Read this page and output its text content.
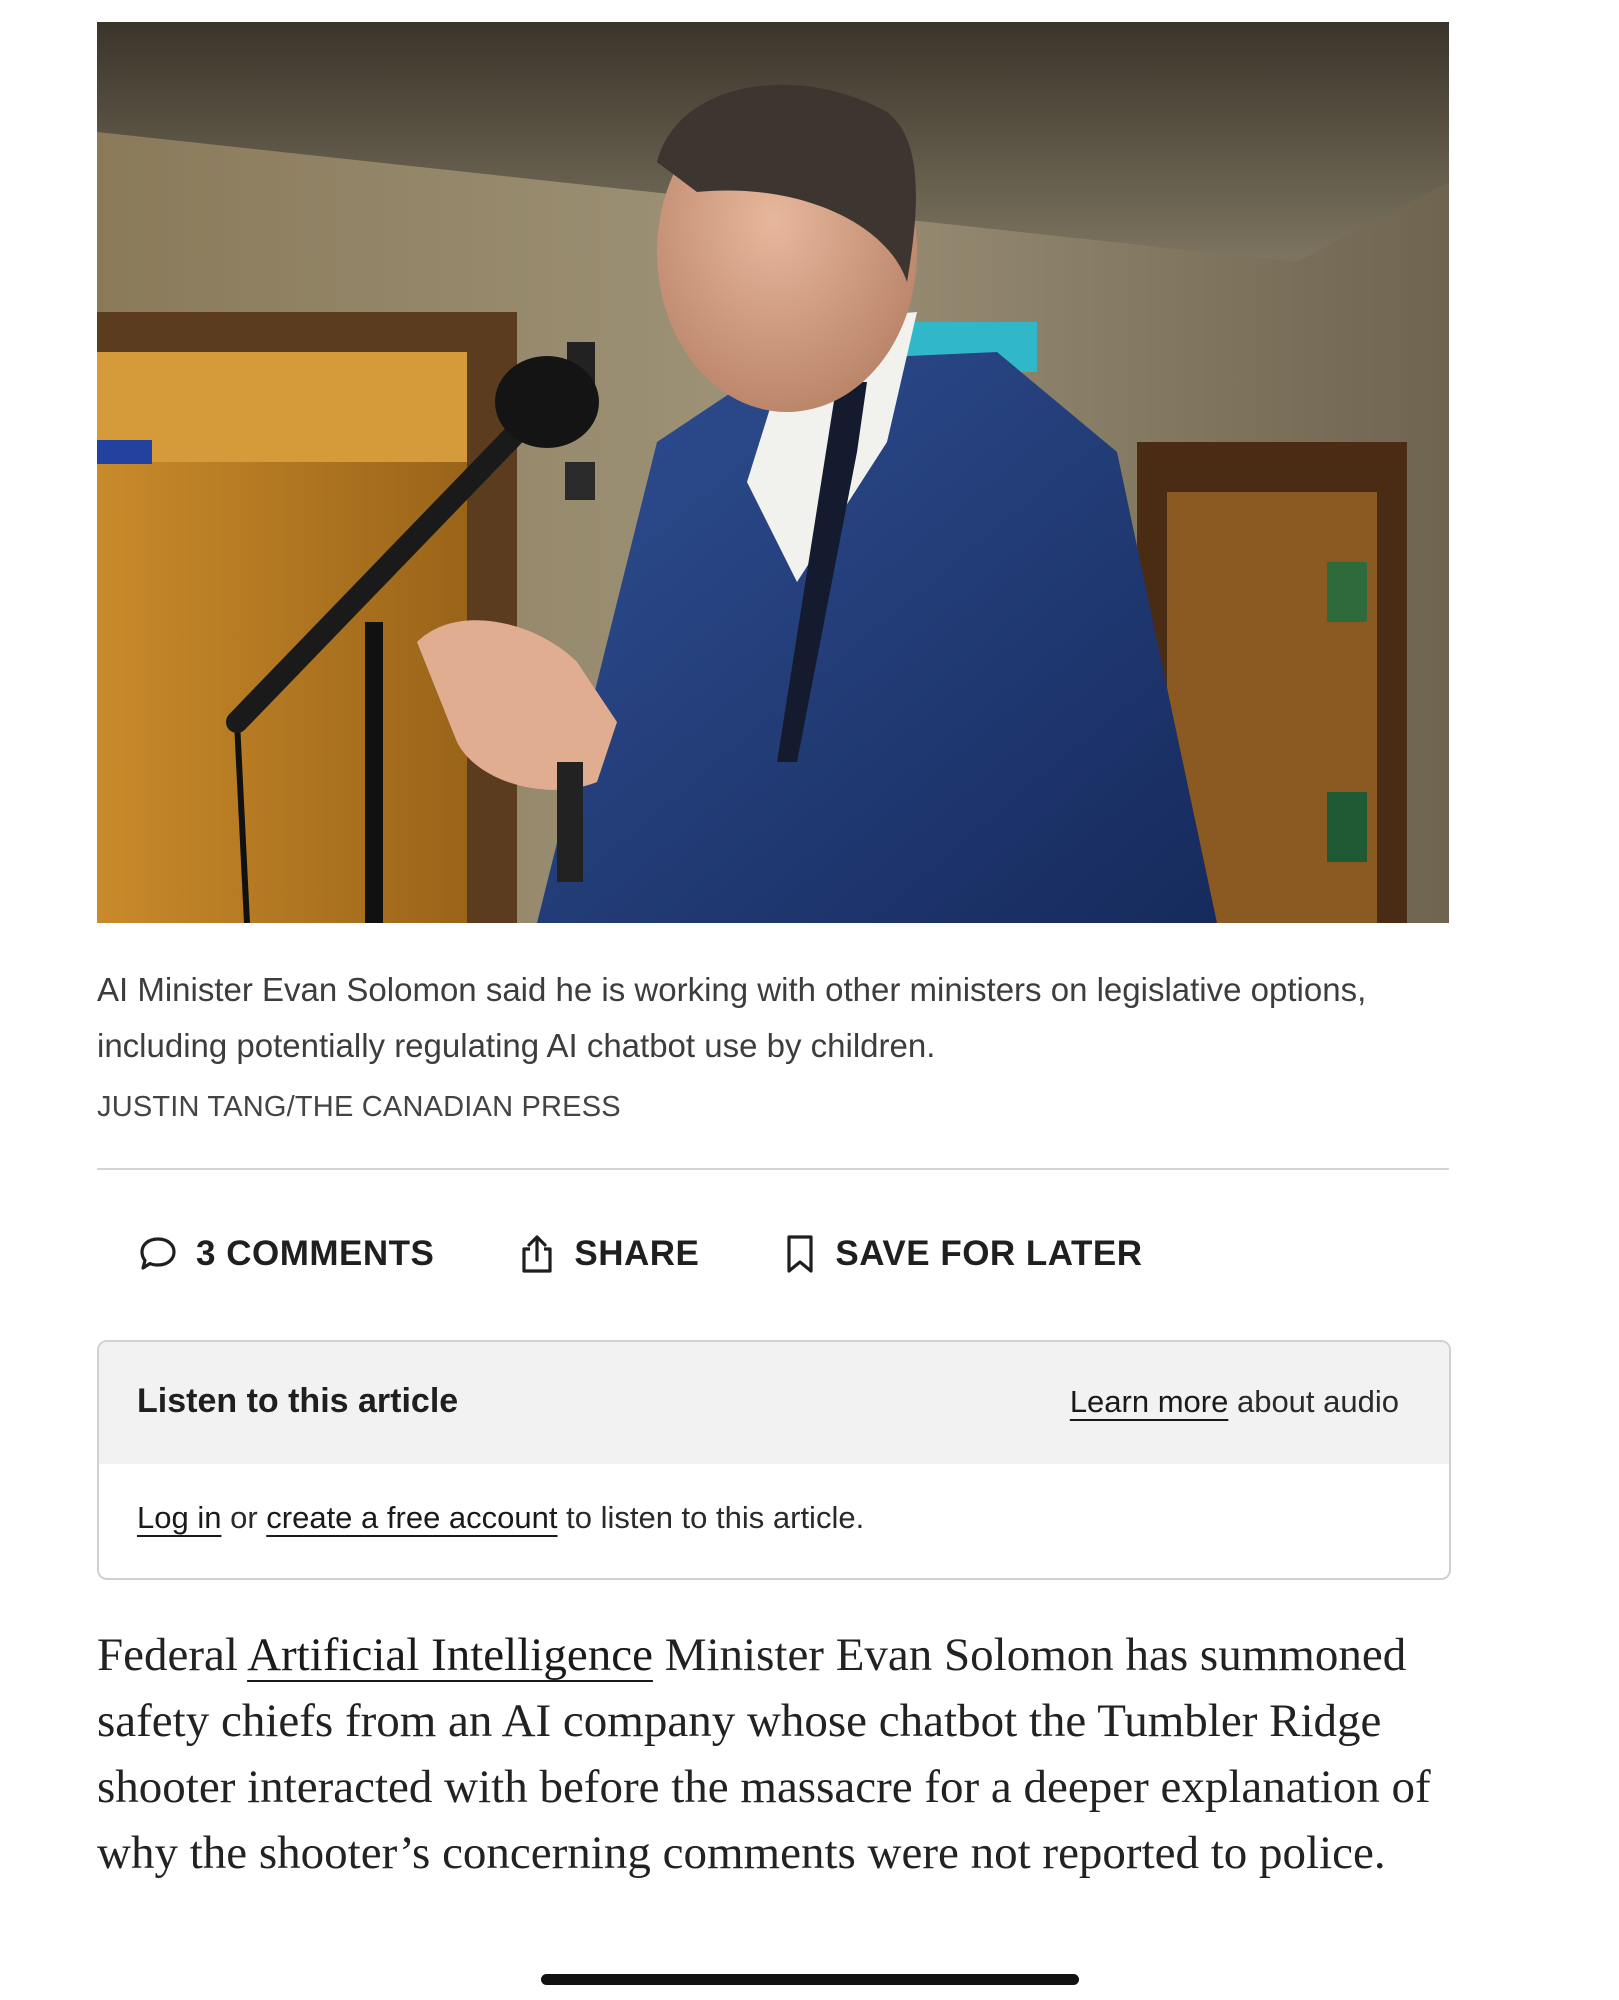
AI Minister Evan Solomon said he is working with other ministers on legislative options, including potentially regulating AI chatbot use by children.
JUSTIN TANG/THE CANADIAN PRESS
3 COMMENTS	SHARE	SAVE FOR LATER
Listen to this article	Learn more about audio
Log in or create a free account to listen to this article.
Federal Artificial Intelligence Minister Evan Solomon has summoned safety chiefs from an AI company whose chatbot the Tumbler Ridge shooter interacted with before the massacre for a deeper explanation of why the shooter’s concerning comments were not reported to police.
